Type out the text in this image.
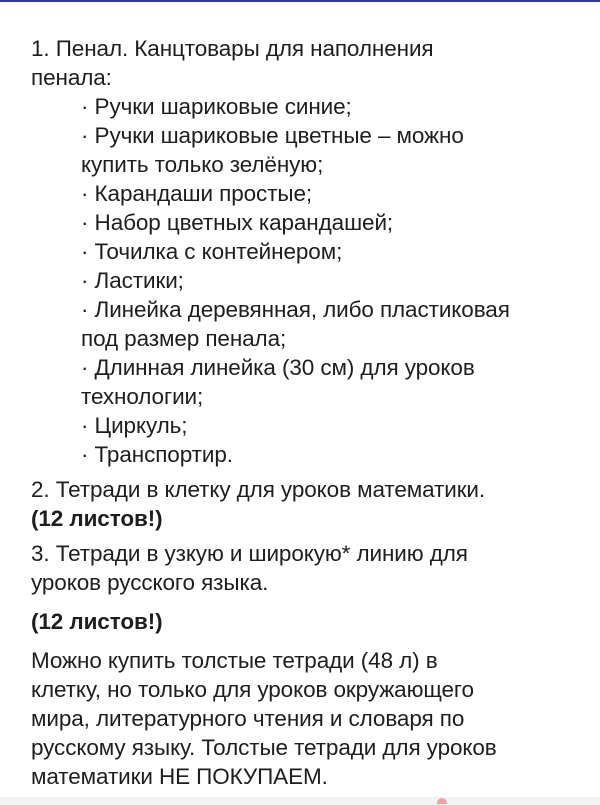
1. Пенал. Канцтовары для наполнения
пенала:
· Ручки шариковые синие;
· Ручки шариковые цветные – можно
купить только зелёную;
· Карандаши простые;
· Набор цветных карандашей;
· Точилка с контейнером;
· Ластики;
· Линейка деревянная, либо пластиковая
под размер пенала;
· Длинная линейка (30 см) для уроков
технологии;
· Циркуль;
· Транспортир.
2. Тетради в клетку для уроков математики.
(12 листов!)
3. Тетради в узкую и широкую* линию для
уроков русского языка.
(12 листов!)
Можно купить толстые тетради (48 л) в
клетку, но только для уроков окружающего
мира, литературного чтения и словаря по
русскому языку. Толстые тетради для уроков
математики НЕ ПОКУПАЕМ.
